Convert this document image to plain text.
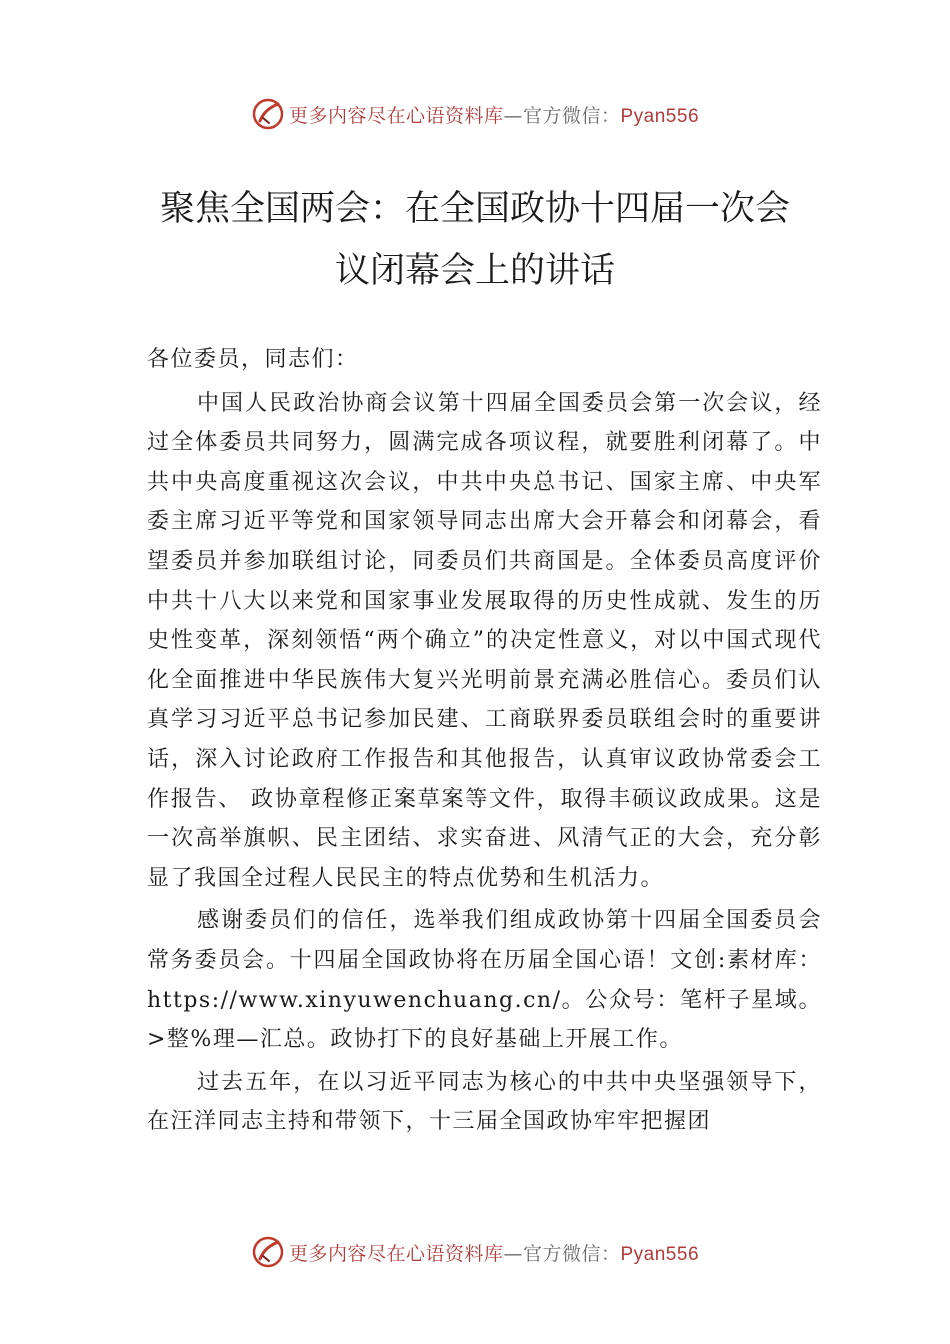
更多内容尽在心语资料库—官方微信：Pyan556
聚焦全国两会：在全国政协十四届一次会
议闭幕会上的讲话

各位委员，同志们：

中国人民政治协商会议第十四届全国委员会第一次会议，经过全体委员共同努力，圆满完成各项议程，就要胜利闭幕了。中共中央高度重视这次会议，中共中央总书记、国家主席、中央军委主席习近平等党和国家领导同志出席大会开幕会和闭幕会，看望委员并参加联组讨论，同委员们共商国是。全体委员高度评价中共十八大以来党和国家事业发展取得的历史性成就、发生的历史性变革，深刻领悟“两个确立”的决定性意义，对以中国式现代化全面推进中华民族伟大复兴光明前景充满必胜信心。委员们认真学习习近平总书记参加民建、工商联界委员联组会时的重要讲话，深入讨论政府工作报告和其他报告，认真审议政协常委会工作报告、 政协章程修正案草案等文件，取得丰硕议政成果。这是一次高举旗帜、民主团结、求实奋进、风清气正的大会，充分彰显了我国全过程人民民主的特点优势和生机活力。

感谢委员们的信任，选举我们组成政协第十四届全国委员会常务委员会。十四届全国政协将在历届全国心语！文创:素材库：https://www.xinyuwenchuang.cn/。公众号：笔杆子星域。>整%理—汇总。政协打下的良好基础上开展工作。

过去五年，在以习近平同志为核心的中共中央坚强领导下，在汪洋同志主持和带领下，十三届全国政协牢牢把握团

更多内容尽在心语资料库—官方微信：Pyan556
